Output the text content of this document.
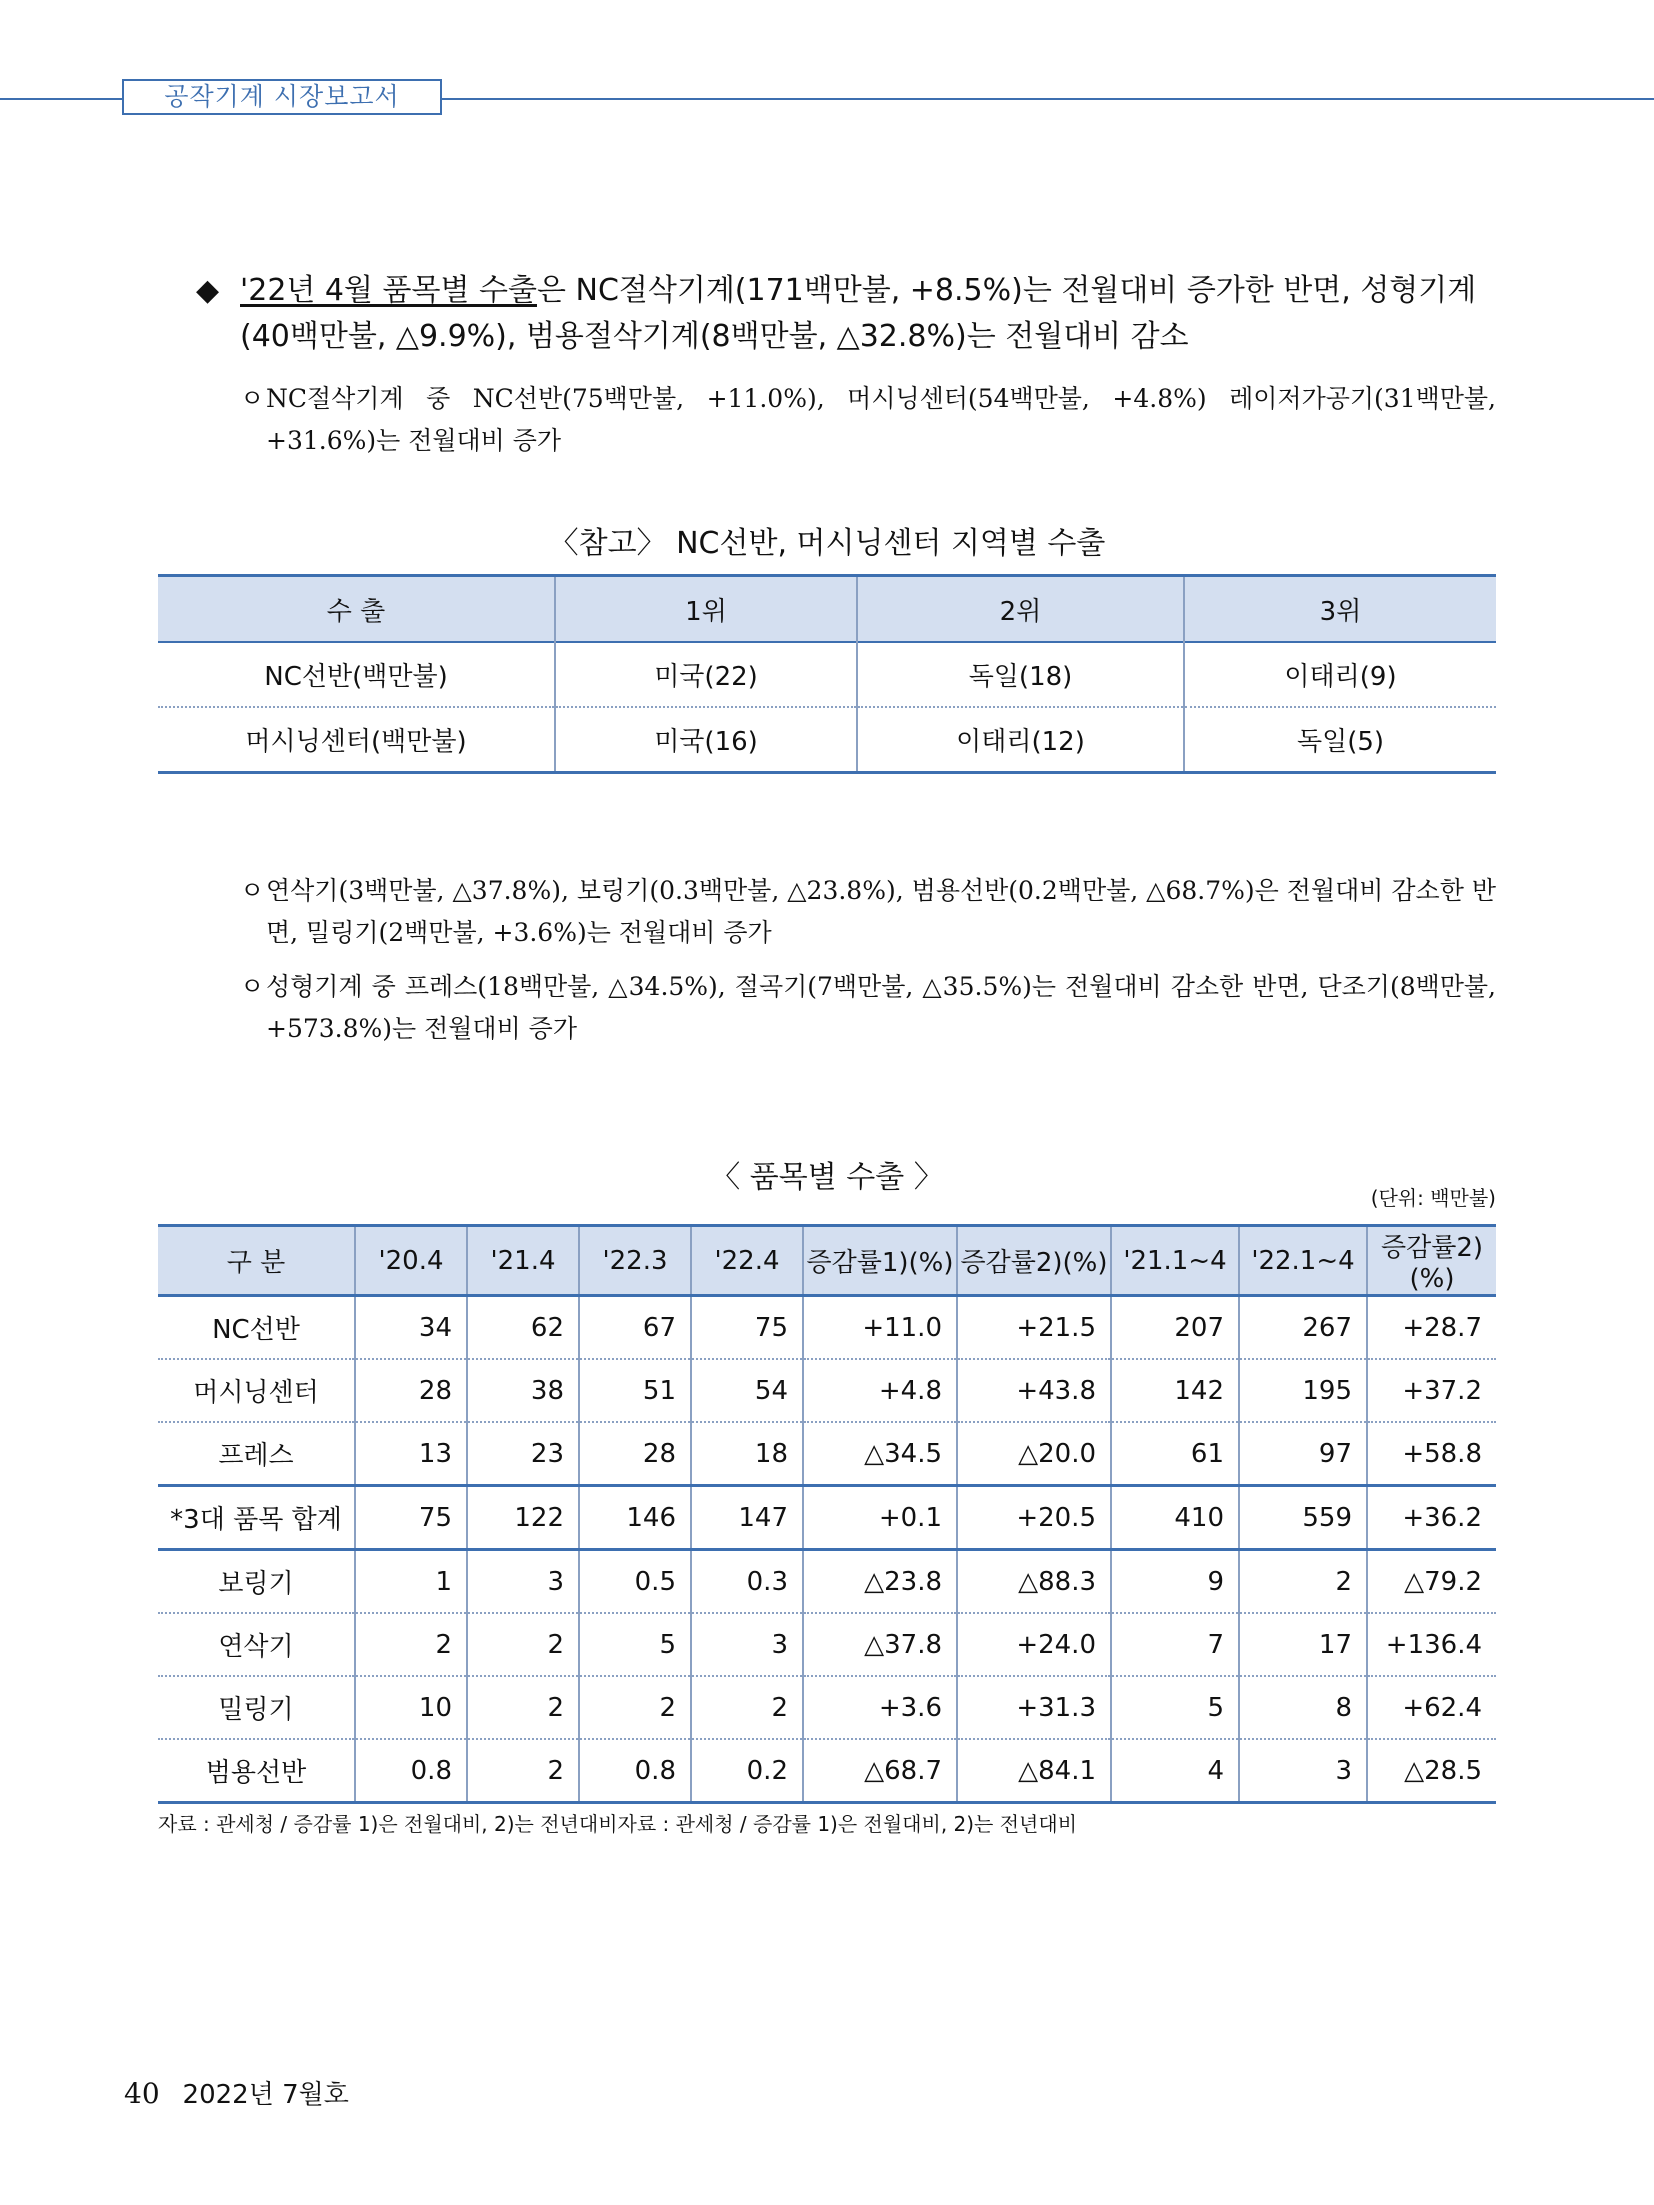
공작기계 시장보고서
◆ '22년 4월 품목별 수출은 NC절삭기계(171백만불, +8.5%)는 전월대비 증가한 반면, 성형기계(40백만불, △9.9%), 범용절삭기계(8백만불, △32.8%)는 전월대비 감소
ㅇ NC절삭기계 중 NC선반(75백만불, +11.0%), 머시닝센터(54백만불, +4.8%) 레이저가공기(31백만불, +31.6%)는 전월대비 증가
〈참고〉 NC선반, 머시닝센터 지역별 수출
수 출	1위	2위	3위
NC선반(백만불)	미국(22)	독일(18)	이태리(9)
머시닝센터(백만불)	미국(16)	이태리(12)	독일(5)
ㅇ 연삭기(3백만불, △37.8%), 보링기(0.3백만불, △23.8%), 범용선반(0.2백만불, △68.7%)은 전월대비 감소한 반면, 밀링기(2백만불, +3.6%)는 전월대비 증가
ㅇ 성형기계 중 프레스(18백만불, △34.5%), 절곡기(7백만불, △35.5%)는 전월대비 감소한 반면, 단조기(8백만불, +573.8%)는 전월대비 증가
〈 품목별 수출 〉
(단위: 백만불)
구 분	'20.4	'21.4	'22.3	'22.4	증감률1)(%)	증감률2)(%)	'21.1~4	'22.1~4	증감률2)(%)
NC선반	34	62	67	75	+11.0	+21.5	207	267	+28.7
머시닝센터	28	38	51	54	+4.8	+43.8	142	195	+37.2
프레스	13	23	28	18	△34.5	△20.0	61	97	+58.8
*3대 품목 합계	75	122	146	147	+0.1	+20.5	410	559	+36.2
보링기	1	3	0.5	0.3	△23.8	△88.3	9	2	△79.2
연삭기	2	2	5	3	△37.8	+24.0	7	17	+136.4
밀링기	10	2	2	2	+3.6	+31.3	5	8	+62.4
범용선반	0.8	2	0.8	0.2	△68.7	△84.1	4	3	△28.5
자료 : 관세청 / 증감률 1)은 전월대비, 2)는 전년대비자료 : 관세청 / 증감률 1)은 전월대비, 2)는 전년대비
40 2022년 7월호
